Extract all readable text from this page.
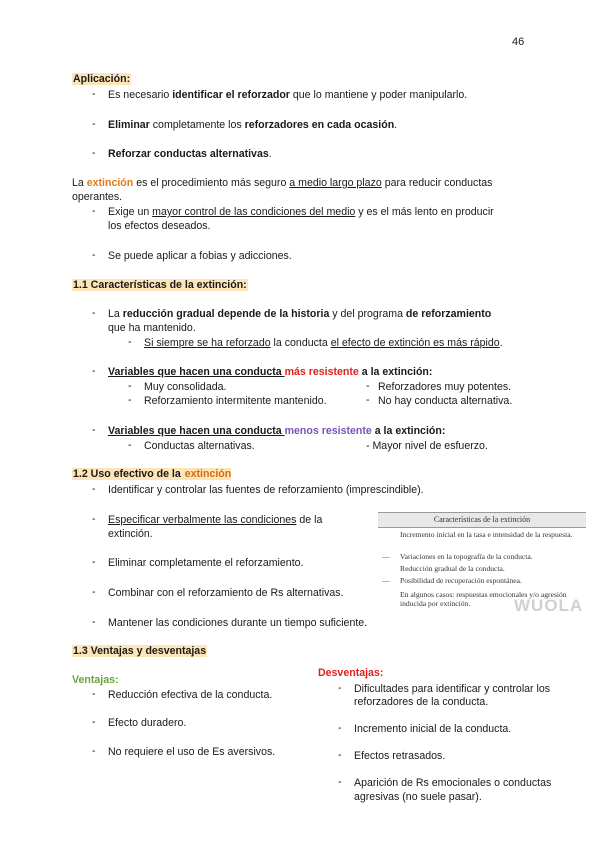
46
Aplicación:
- Es necesario identificar el reforzador que lo mantiene y poder manipularlo.
- Eliminar completamente los reforzadores en cada ocasión.
- Reforzar conductas alternativas.
La extinción es el procedimiento más seguro a medio largo plazo para reducir conductas
operantes.
- Exige un mayor control de las condiciones del medio y es el más lento en producir
los efectos deseados.
- Se puede aplicar a fobias y adicciones.
1.1 Características de la extinción:
- La reducción gradual depende de la historia y del programa de reforzamiento
que ha mantenido.
- Si siempre se ha reforzado la conducta el efecto de extinción es más rápido.
- Variables que hacen una conducta más resistente a la extinción:
- Muy consolidada.	- Reforzadores muy potentes.
- Reforzamiento intermitente mantenido.	- No hay conducta alternativa.
- Variables que hacen una conducta menos resistente a la extinción:
- Conductas alternativas.	- Mayor nivel de esfuerzo.
1.2 Uso efectivo de la extinción
- Identificar y controlar las fuentes de reforzamiento (imprescindible).
- Especificar verbalmente las condiciones de la
extinción.
- Eliminar completamente el reforzamiento.
- Combinar con el reforzamiento de Rs alternativas.
- Mantener las condiciones durante un tiempo suficiente.
Características de la extinción
Incremento inicial en la tasa e intensidad de la respuesta.
— Variaciones en la topografía de la conducta.
Reducción gradual de la conducta.
— Posibilidad de recuperación espontánea.
En algunos casos: respuestas emocionales y/o agresión inducida por extinción.	WUOLA
1.3 Ventajas y desventajas
Ventajas:
- Reducción efectiva de la conducta.
- Efecto duradero.
- No requiere el uso de Es aversivos.
Desventajas:
- Dificultades para identificar y controlar los
reforzadores de la conducta.
- Incremento inicial de la conducta.
- Efectos retrasados.
- Aparición de Rs emocionales o conductas
agresivas (no suele pasar).
